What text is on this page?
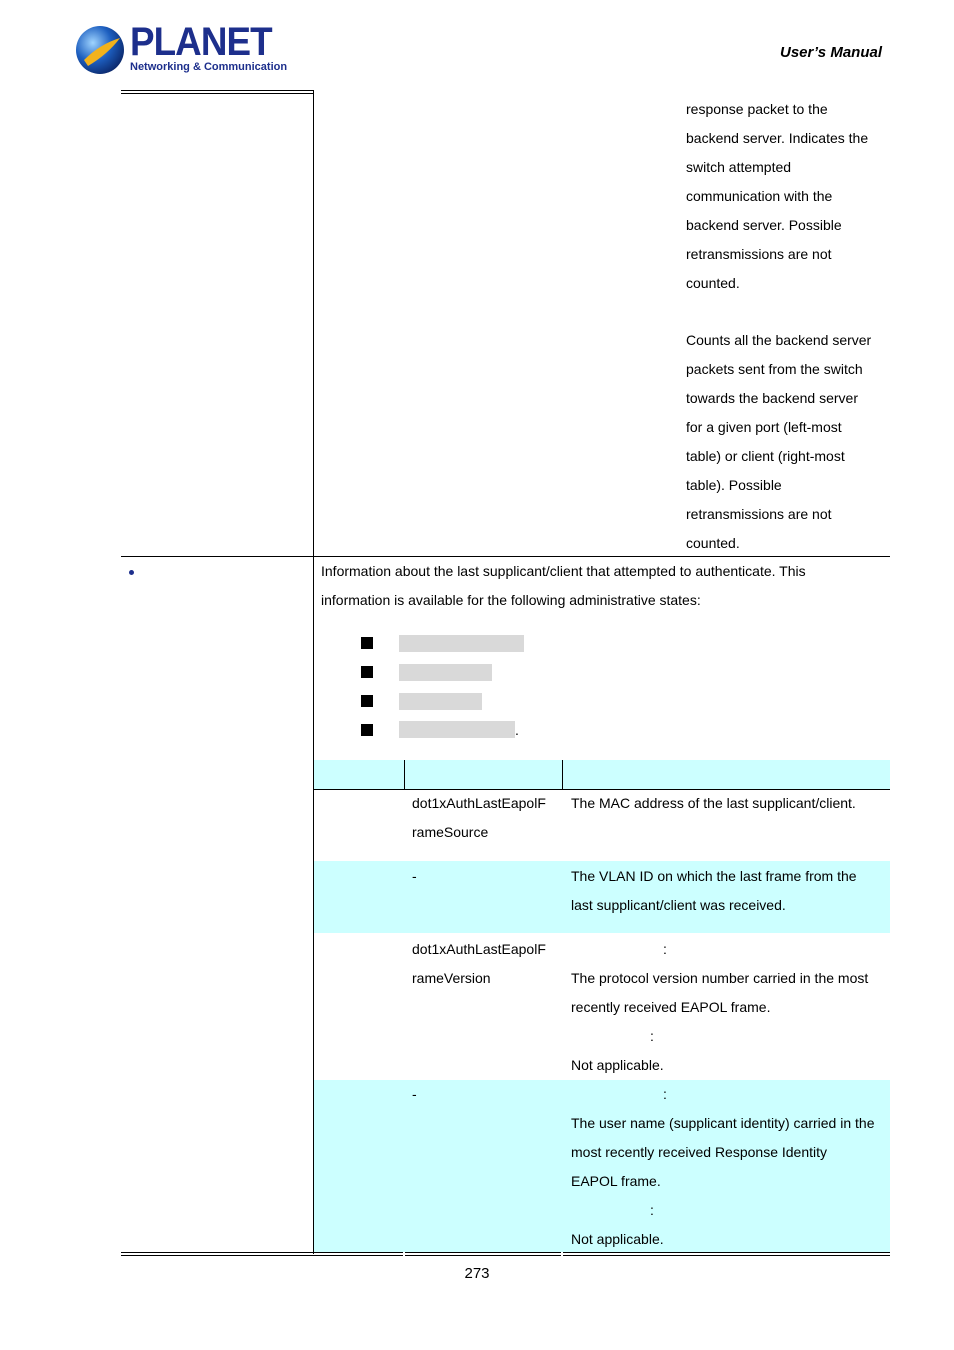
PLANET
Networking & Communication
User’s Manual
response packet to the
backend server. Indicates the
switch attempted
communication with the
backend server. Possible
retransmissions are not
counted.
Counts all the backend server
packets sent from the switch
towards the backend server
for a given port (left-most
table) or client (right-most
table). Possible
retransmissions are not
counted.
Information about the last supplicant/client that attempted to authenticate. This
information is available for the following administrative states:
.
dot1xAuthLastEapolF
rameSource
The MAC address of the last supplicant/client.
-	The VLAN ID on which the last frame from the
last supplicant/client was received.
dot1xAuthLastEapolF
rameVersion
:
The protocol version number carried in the most
recently received EAPOL frame.
:
Not applicable.
-	:
The user name (supplicant identity) carried in the
most recently received Response Identity
EAPOL frame.
:
Not applicable.
273
